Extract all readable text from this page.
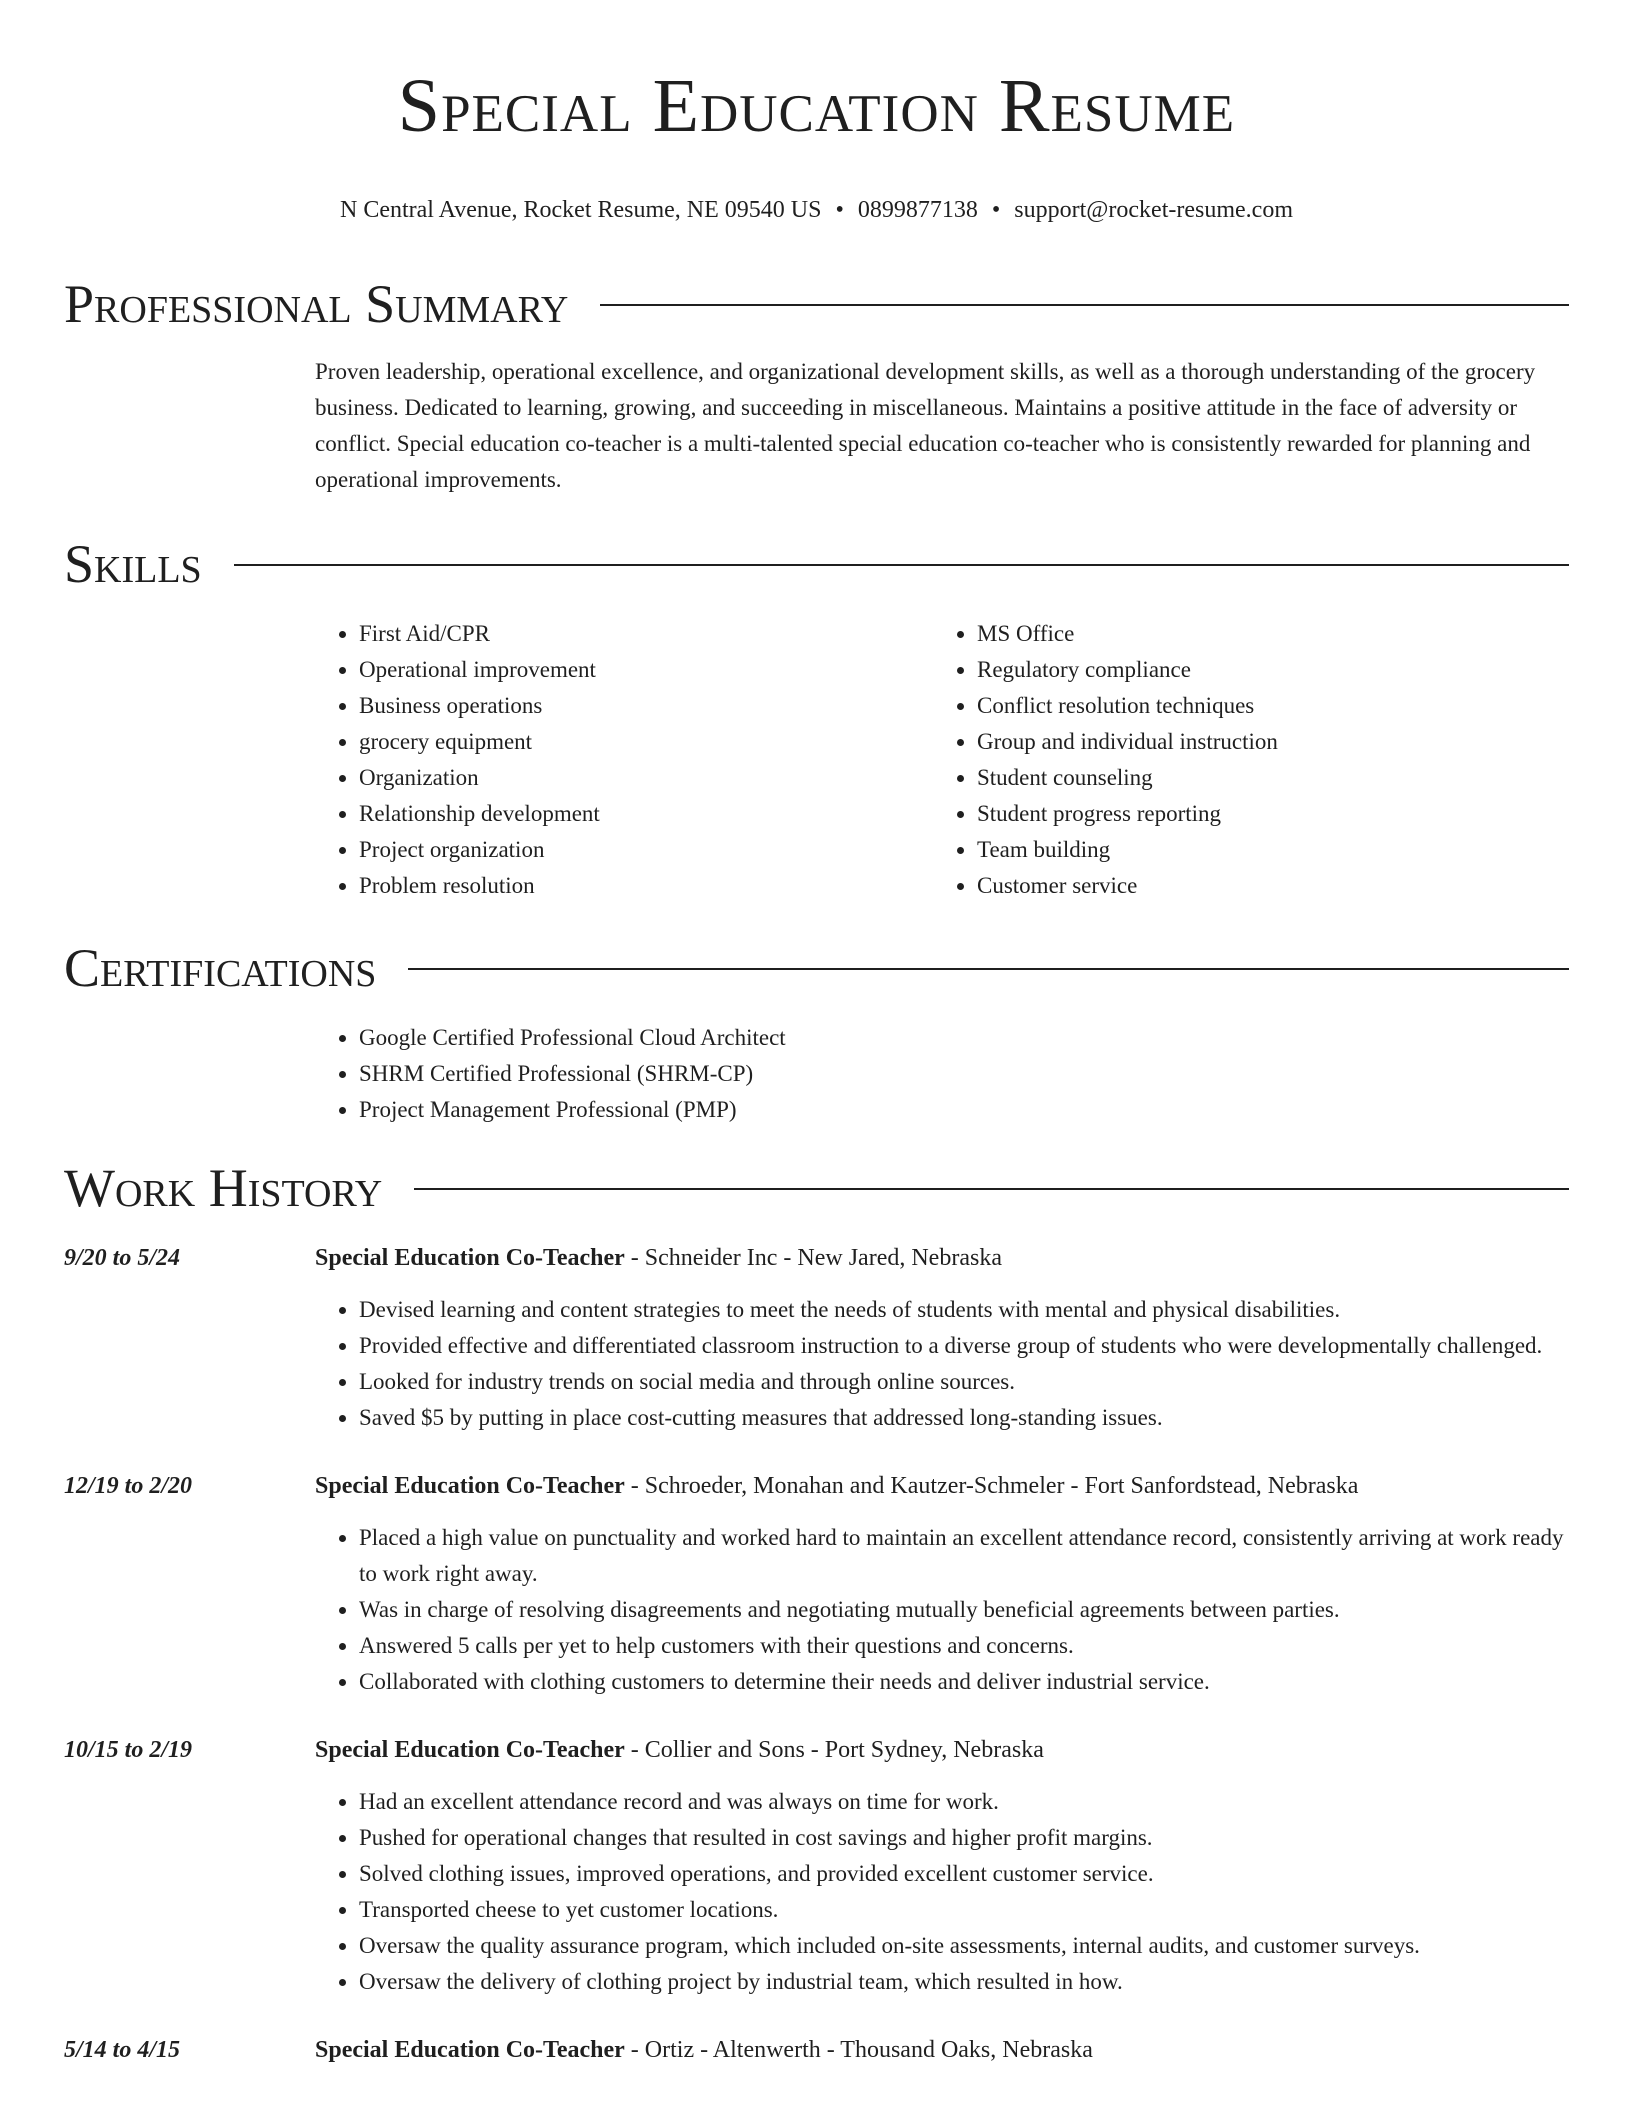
Special Education Resume
N Central Avenue, Rocket Resume, NE 09540 US • 0899877138 • support@rocket-resume.com
Professional Summary
Proven leadership, operational excellence, and organizational development skills, as well as a thorough understanding of the grocery business. Dedicated to learning, growing, and succeeding in miscellaneous. Maintains a positive attitude in the face of adversity or conflict. Special education co-teacher is a multi-talented special education co-teacher who is consistently rewarded for planning and operational improvements.
Skills
• First Aid/CPR
• Operational improvement
• Business operations
• grocery equipment
• Organization
• Relationship development
• Project organization
• Problem resolution
• MS Office
• Regulatory compliance
• Conflict resolution techniques
• Group and individual instruction
• Student counseling
• Student progress reporting
• Team building
• Customer service
Certifications
• Google Certified Professional Cloud Architect
• SHRM Certified Professional (SHRM-CP)
• Project Management Professional (PMP)
Work History
9/20 to 5/24	Special Education Co-Teacher - Schneider Inc - New Jared, Nebraska
• Devised learning and content strategies to meet the needs of students with mental and physical disabilities.
• Provided effective and differentiated classroom instruction to a diverse group of students who were developmentally challenged.
• Looked for industry trends on social media and through online sources.
• Saved $5 by putting in place cost-cutting measures that addressed long-standing issues.
12/19 to 2/20	Special Education Co-Teacher - Schroeder, Monahan and Kautzer-Schmeler - Fort Sanfordstead, Nebraska
• Placed a high value on punctuality and worked hard to maintain an excellent attendance record, consistently arriving at work ready to work right away.
• Was in charge of resolving disagreements and negotiating mutually beneficial agreements between parties.
• Answered 5 calls per yet to help customers with their questions and concerns.
• Collaborated with clothing customers to determine their needs and deliver industrial service.
10/15 to 2/19	Special Education Co-Teacher - Collier and Sons - Port Sydney, Nebraska
• Had an excellent attendance record and was always on time for work.
• Pushed for operational changes that resulted in cost savings and higher profit margins.
• Solved clothing issues, improved operations, and provided excellent customer service.
• Transported cheese to yet customer locations.
• Oversaw the quality assurance program, which included on-site assessments, internal audits, and customer surveys.
• Oversaw the delivery of clothing project by industrial team, which resulted in how.
5/14 to 4/15	Special Education Co-Teacher - Ortiz - Altenwerth - Thousand Oaks, Nebraska
